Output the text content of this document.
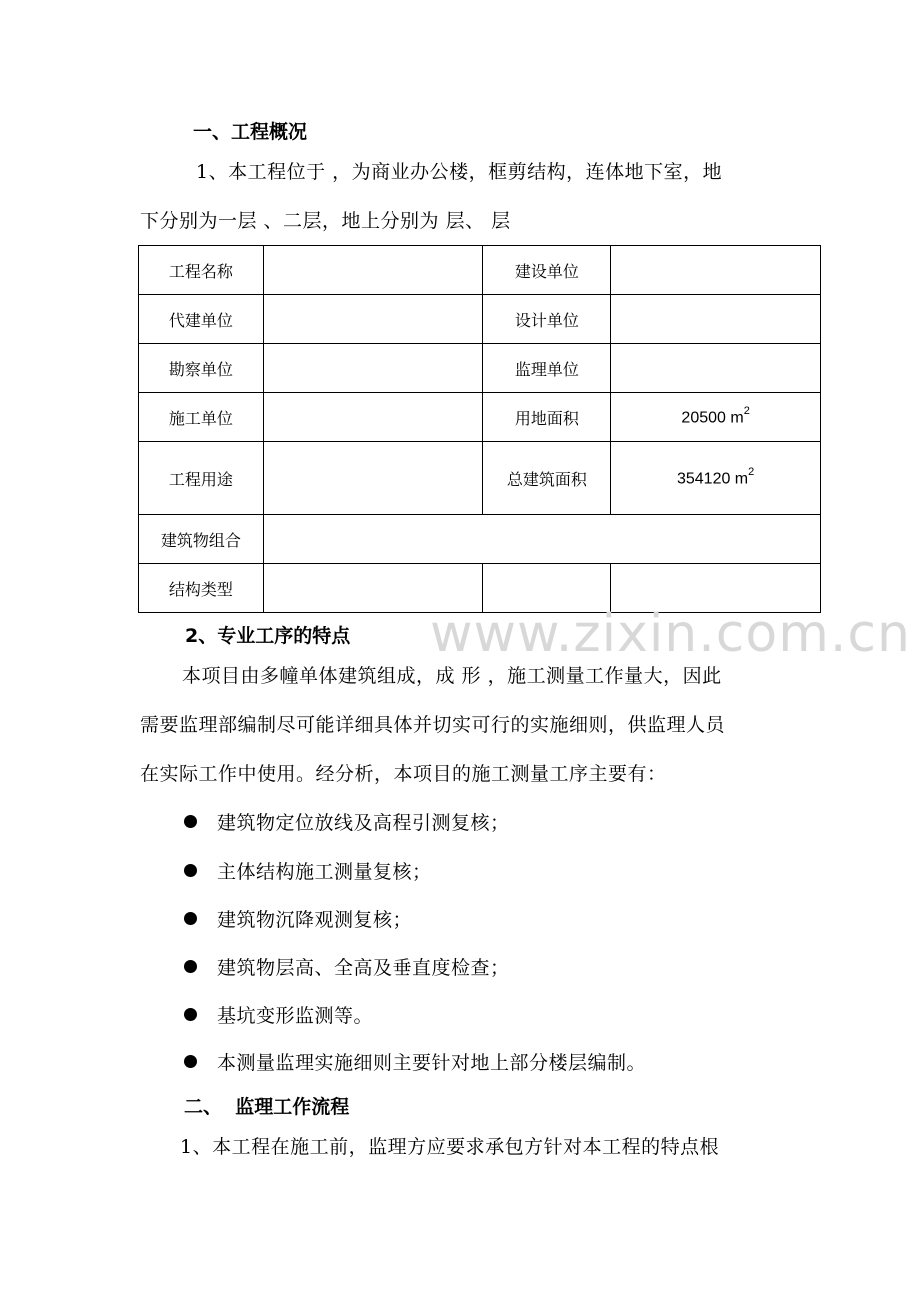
一、工程概况
1、本工程位于 ，为商业办公楼，框剪结构，连体地下室，地
下分别为一层 、二层，地上分别为 层、 层
工程名称		建设单位	
代建单位		设计单位	
勘察单位		监理单位	
施工单位		用地面积	20500 $m^2$
工程用途		总建筑面积	354120 $m^2$
建筑物组合			
结构类型			
www.zixin.com.cn
2、专业工序的特点
本项目由多幢单体建筑组成，成 形 ，施工测量工作量大，因此
需要监理部编制尽可能详细具体并切实可行的实施细则，供监理人员
在实际工作中使用。经分析，本项目的施工测量工序主要有：
建筑物定位放线及高程引测复核；
主体结构施工测量复核；
建筑物沉降观测复核；
建筑物层高、全高及垂直度检查；
基坑变形监测等。
本测量监理实施细则主要针对地上部分楼层编制。
二、  监理工作流程
1、本工程在施工前，监理方应要求承包方针对本工程的特点根
